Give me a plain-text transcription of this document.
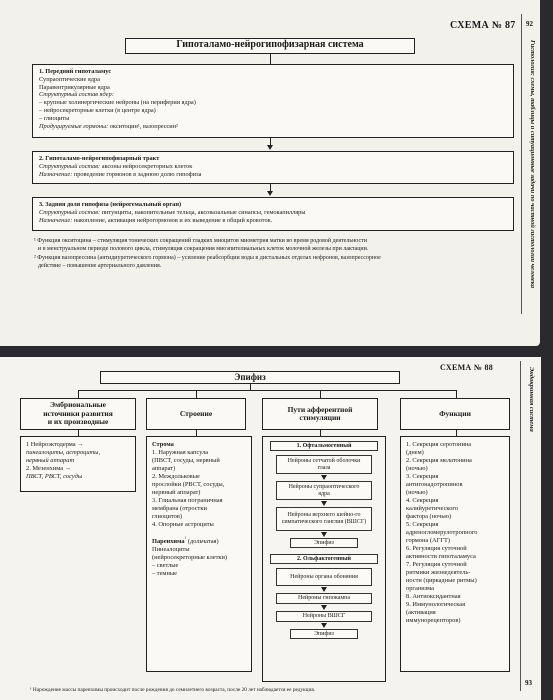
СХЕМА № 87
Гипоталамо-нейрогипофизарная система
1. Передний гипоталамус
Супраоптические ядра
Паравентрикулярные ядра
Структурный состав ядер:
– крупные холинергические нейроны (на периферии ядра)
– нейросекреторные клетки (в центре ядра)
– глиоциты
Продуцируемые гормоны: окситоцин¹, вазопрессин²
2. Гипоталамо-нейрогипофизарный тракт
Структурный состав: аксоны нейросекреторных клеток
Назначение: проведение гормонов в заднюю долю гипофиза
3. Задняя доля гипофиза (нейрогемальный орган)
Структурный состав: питуициты, накопительные тельца, аксовазальные синапсы, гемокапилляры
Назначение: накопление, активация нейрогормонов и их выведение в общий кровоток.
¹ Функция окситоцина – стимуляция тонических сокращений гладких миоцитов миометрия матки во время родовой деятельности
и в менструальном периоде полового цикла, стимуляция сокращения миоэпителиальных клеток молочной железы при лактации.
² Функция вазопрессина (антидиуретического гормона) – усиление реабсорбции воды в дистальных отделах нефронов, вазопрессорное
действие – повышение артериального давления.	Гистология: схемы, таблицы и ситуационные задачи по частной гистологии человека
92
СХЕМА № 88
Эпифиз
Эмбриональные
источники развития
и их производные
Строение	Пути афферентной
стимуляции	Функции
1 Нейроэктодерма →
пинеалоциты, астроциты,
нервный аппарат
2. Мезенхима →
ПВСТ, РВСТ, сосуды
Строма
1. Наружная капсула
(ПВСТ, сосуды, нервный
аппарат)
2. Междольковые
прослойки (РВСТ, сосуды,
нервный аппарат)
3. Глиальная пограничная
мембрана (отростки
глиоцитов)
4. Опорные астроциты
Паренхима$^{^1}$ (дольчатая)
Пинеалоциты
(нейросекреторные клетки)
– светлые
– темные
1. Офтальмогенный
Нейроны сетчатой оболочки глаза
Нейроны супраоптического ядра
Нейроны верхнего шейно-го симпатического ганглия (ВШСГ)
Эпифиз
2. Ольфактогенный
Нейроны органа обоняния
Нейроны гипокампа
Нейроны ВШСГ
Эпифиз
1. Секреция серотонина
(днем)
2. Секреция мелатонина
(ночью)
3. Секреция
антигонадотропинов
(ночью)
4. Секреция
калийуретического
фактора (ночью)
5. Секреция
адреногломерулотропного
гормона (АГГТ)
6. Регуляция суточной
активности гипоталамуса
7. Регуляция суточной
ритмики жизнедеятель-
ности (циркадные ритмы)
организма
8. Антиоксидантная
9. Иммунологическая
(активация
иммунорецепторов)
¹ Нарождение массы паренхимы происходит после рождения до семилетнего возраста, после 20 лет наблюдается ее редукция.
Эндокринная система
93
